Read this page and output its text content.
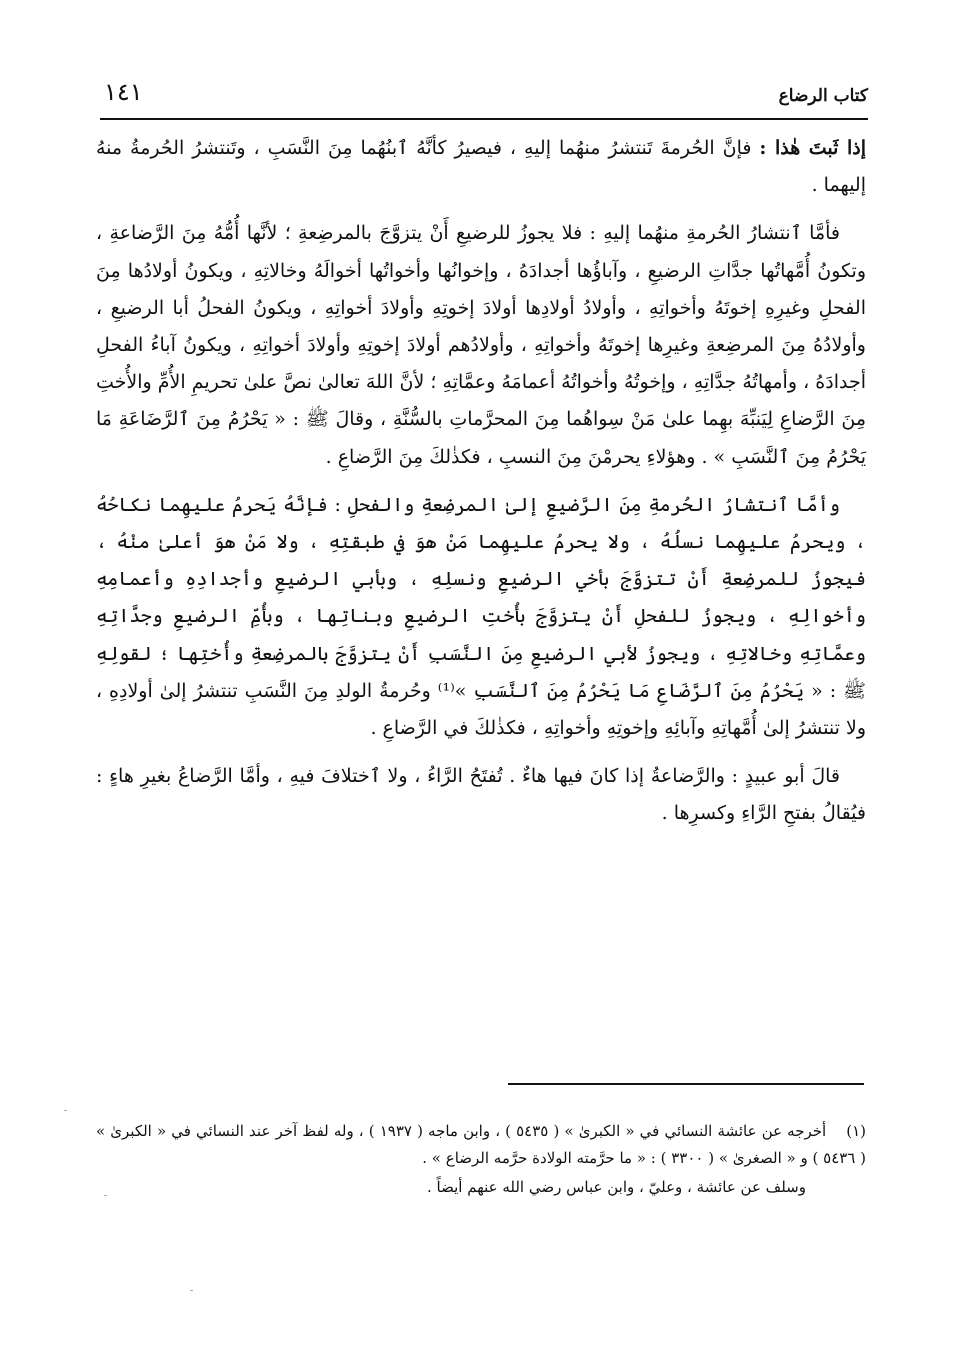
كتاب الرضاع
١٤١

إذا ثَبتَ هٰذا : فإنَّ الحُرمةَ تَنتشرُ منهُما إليهِ ، فيصيرُ كأنَّهُ ٱبنُهُما مِنَ النَّسَبِ ، وتَنتشرُ الحُرمةُ منهُ إليهما .

فأمَّا ٱنتشارُ الحُرمةِ منهُما إليهِ : فلا يجوزُ للرضيعِ أَنْ يتزوَّجَ بالمرضِعةِ ؛ لأنَّها أُمُّهُ مِنَ الرَّضاعةِ ، وتكونُ أُمَّهاتُها جدَّاتِ الرضيعِ ، وآباؤُها أجدادَهُ ، وإخوانُها وأخواتُها أخوالَهُ وخالاتِهِ ، ويكونُ أولادُها مِنَ الفحلِ وغيرِهِ إخوتَهُ وأخواتِهِ ، وأولادُ أولادِها أولادَ إخوتِهِ وأولادَ أخواتِهِ ، ويكونُ الفحلُ أبا الرضيعِ ، وأولادُهُ مِنَ المرضِعةِ وغيرِها إخوتَهُ وأخواتِهِ ، وأولادُهم أولادَ إخوتِهِ وأولادَ أخواتِهِ ، ويكونُ آباءُ الفحلِ أجدادَهُ ، وأمهاتُهُ جدَّاتِهِ ، وإخوتُهُ وأخواتُهُ أعمامَهُ وعمَّاتِهِ ؛ لأنَّ اللهَ تعالىٰ نصَّ علىٰ تحريمِ الأُمِّ والأُختِ مِنَ الرَّضاعِ لِيَنبِّهَ بهِما علىٰ مَنْ سِواهُما مِنَ المحرَّماتِ بالسُّنَّةِ ، وقالَ ﷺ : « يَحْرُمُ مِنَ ٱلرَّضَاعَةِ مَا يَحْرُمُ مِنَ ٱلنَّسَبِ » . وهؤلاءِ يحرمْنَ مِنَ النسبِ ، فكذٰلكَ مِنَ الرَّضاعِ .

وأمَّا ٱنتشارُ الحُرمةِ مِنَ الرَّضيعِ إلىٰ المرضِعةِ والفحلِ : فإنَّهُ يَحرمُ عليهِما نكاحُهُ ، ويحرمُ عليهِما نسلُهُ ، ولا يحرمُ عليهِما مَنْ هوَ في طبقتِهِ ، ولا مَنْ هوَ أعلىٰ منْهُ ، فيجوزُ للمرضِعةِ أَنْ تتزوَّجَ بأخي الرضيعِ ونسلِهِ ، وبأبي الرضيعِ وأجدادِهِ وأعمامِهِ وأخوالِهِ ، ويجوزُ للفحلِ أَنْ يتزوَّجَ بأُختِ الرضيعِ وبناتِها ، وبأُمِّ الرضيعِ وجدَّاتِهِ وعمَّاتِهِ وخالاتِهِ ، ويجوزُ لأبي الرضيعِ مِنَ النَّسَبِ أَنْ يتزوَّجَ بالمرضِعةِ وأُختِها ؛ لقولِهِ ﷺ : « يَحْرُمُ مِنَ ٱلرَّضَاعِ مَا يَحْرُمُ مِنَ ٱلنَّسَبِ »⁽¹⁾ وحُرمةُ الولدِ مِنَ النَّسَبِ تنتشرُ إلىٰ أولادِهِ ، ولا تنتشرُ إلىٰ أُمَّهاتِهِ وآبائِهِ وإخوتِهِ وأخواتِهِ ، فكذٰلكَ في الرَّضاعِ .

قالَ أبو عبيدٍ : والرَّضاعةُ إذا كانَ فيها هاءٌ . تُفتَحُ الرَّاءُ ، ولا ٱختلافَ فيهِ ، وأمَّا الرَّضاعُ بغيرِ هاءٍ : فيُقالُ بفتحِ الرَّاءِ وكسرِها .

(١)أخرجه عن عائشة النسائي في « الكبرىٰ » ( ٥٤٣٥ ) ، وابن ماجه ( ١٩٣٧ ) ، وله لفظ آخر عند النسائي في « الكبرىٰ » ( ٥٤٣٦ ) و « الصغرىٰ » ( ٣٣٠٠ ) : « ما حرَّمته الولادة حرَّمه الرضاع » .
وسلف عن عائشة ، وعليّ ، وابن عباس رضي الله عنهم أيضاً .
